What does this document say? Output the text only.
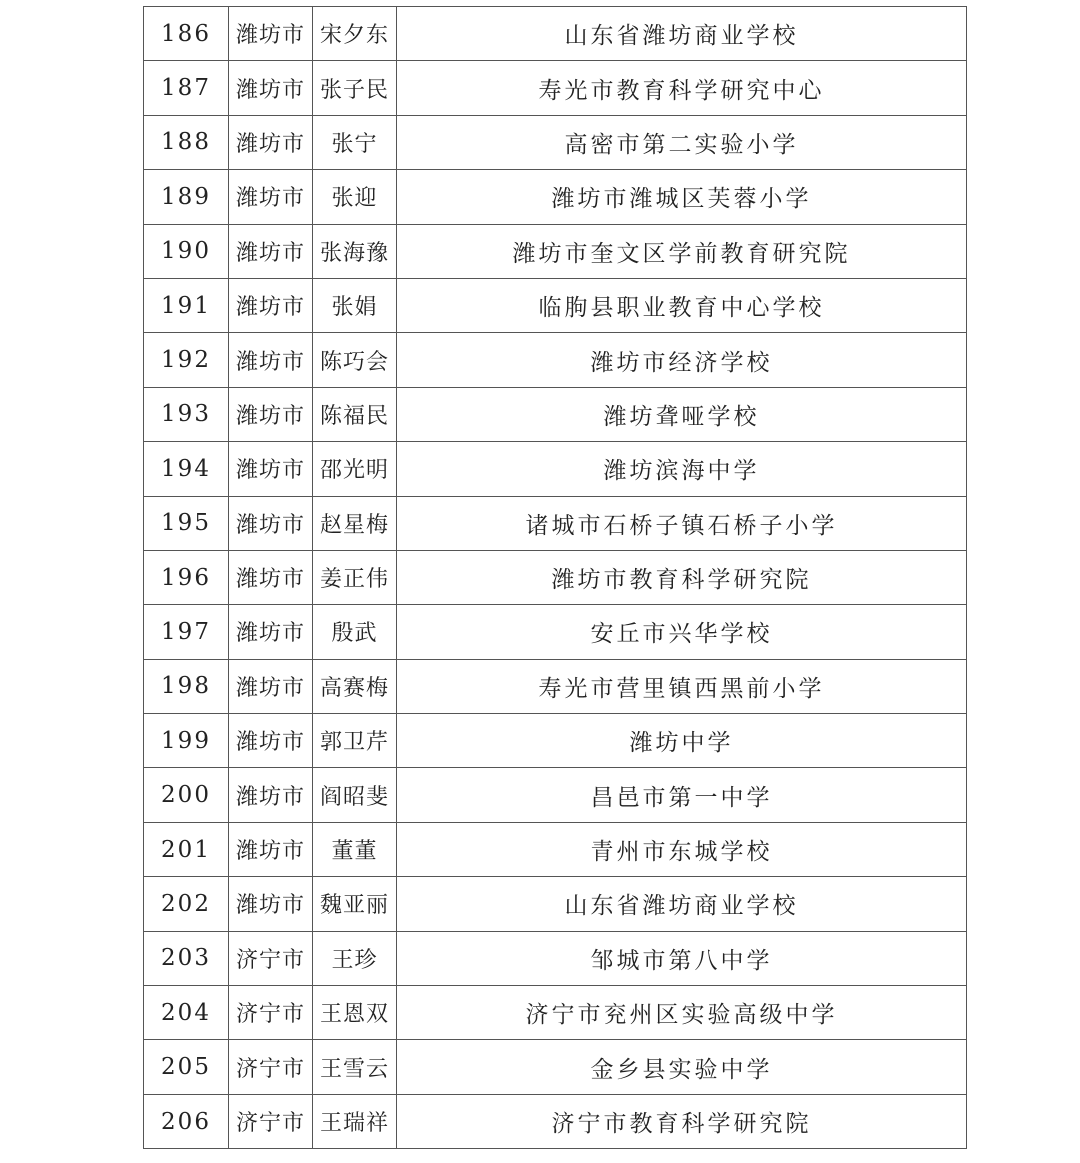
186	潍坊市	宋夕东	山东省潍坊商业学校
187	潍坊市	张子民	寿光市教育科学研究中心
188	潍坊市	张宁	高密市第二实验小学
189	潍坊市	张迎	潍坊市潍城区芙蓉小学
190	潍坊市	张海豫	潍坊市奎文区学前教育研究院
191	潍坊市	张娟	临朐县职业教育中心学校
192	潍坊市	陈巧会	潍坊市经济学校
193	潍坊市	陈福民	潍坊聋哑学校
194	潍坊市	邵光明	潍坊滨海中学
195	潍坊市	赵星梅	诸城市石桥子镇石桥子小学
196	潍坊市	姜正伟	潍坊市教育科学研究院
197	潍坊市	殷武	安丘市兴华学校
198	潍坊市	高赛梅	寿光市营里镇西黑前小学
199	潍坊市	郭卫芹	潍坊中学
200	潍坊市	阎昭斐	昌邑市第一中学
201	潍坊市	董董	青州市东城学校
202	潍坊市	魏亚丽	山东省潍坊商业学校
203	济宁市	王珍	邹城市第八中学
204	济宁市	王恩双	济宁市兖州区实验高级中学
205	济宁市	王雪云	金乡县实验中学
206	济宁市	王瑞祥	济宁市教育科学研究院
